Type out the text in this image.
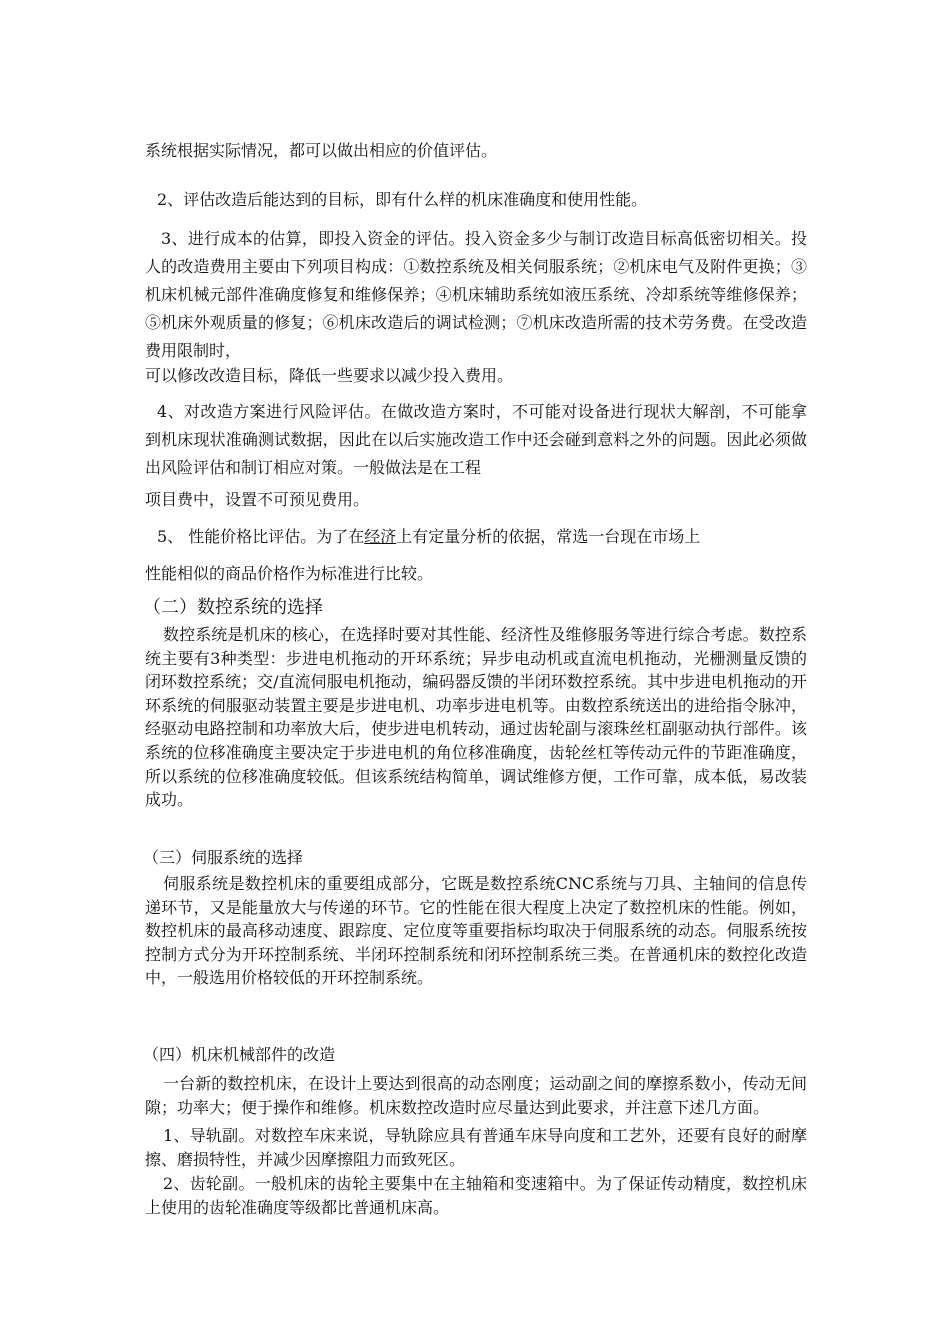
系统根据实际情况，都可以做出相应的价值评估。

2、评估改造后能达到的目标，即有什么样的机床准确度和使用性能。

3、进行成本的估算，即投入资金的评估。投入资金多少与制订改造目标高低密切相关。投人的改造费用主要由下列项目构成：①数控系统及相关伺服系统；②机床电气及附件更换；③机床机械元部件准确度修复和维修保养；④机床辅助系统如液压系统、冷却系统等维修保养；⑤机床外观质量的修复；⑥机床改造后的调试检测；⑦机床改造所需的技术劳务费。在受改造费用限制时，

可以修改改造目标，降低一些要求以减少投入费用。

4、对改造方案进行风险评估。在做改造方案时，不可能对设备进行现状大解剖，不可能拿到机床现状准确测试数据，因此在以后实施改造工作中还会碰到意料之外的问题。因此必须做出风险评估和制订相应对策。一般做法是在工程

项目费中，设置不可预见费用。

5、 性能价格比评估。为了在经济上有定量分析的依据，常选一台现在市场上

性能相似的商品价格作为标准进行比较。

（二）数控系统的选择

数控系统是机床的核心，在选择时要对其性能、经济性及维修服务等进行综合考虑。数控系统主要有3种类型：步进电机拖动的开环系统；异步电动机或直流电机拖动，光栅测量反馈的闭环数控系统；交/直流伺服电机拖动，编码器反馈的半闭环数控系统。其中步进电机拖动的开环系统的伺服驱动装置主要是步进电机、功率步进电机等。由数控系统送出的进给指令脉冲，经驱动电路控制和功率放大后，使步进电机转动，通过齿轮副与滚珠丝杠副驱动执行部件。该系统的位移准确度主要决定于步进电机的角位移准确度，齿轮丝杠等传动元件的节距准确度，所以系统的位移准确度较低。但该系统结构简单，调试维修方便，工作可靠，成本低，易改装成功。

（三）伺服系统的选择

伺服系统是数控机床的重要组成部分，它既是数控系统CNC系统与刀具、主轴间的信息传递环节，又是能量放大与传递的环节。它的性能在很大程度上决定了数控机床的性能。例如，数控机床的最高移动速度、跟踪度、定位度等重要指标均取决于伺服系统的动态。伺服系统按控制方式分为开环控制系统、半闭环控制系统和闭环控制系统三类。在普通机床的数控化改造中，一般选用价格较低的开环控制系统。

（四）机床机械部件的改造

一台新的数控机床，在设计上要达到很高的动态刚度；运动副之间的摩擦系数小，传动无间隙；功率大；便于操作和维修。机床数控改造时应尽量达到此要求，并注意下述几方面。

1、导轨副。对数控车床来说，导轨除应具有普通车床导向度和工艺外，还要有良好的耐摩擦、磨损特性，并减少因摩擦阻力而致死区。

2、齿轮副。一般机床的齿轮主要集中在主轴箱和变速箱中。为了保证传动精度，数控机床上使用的齿轮准确度等级都比普通机床高。
